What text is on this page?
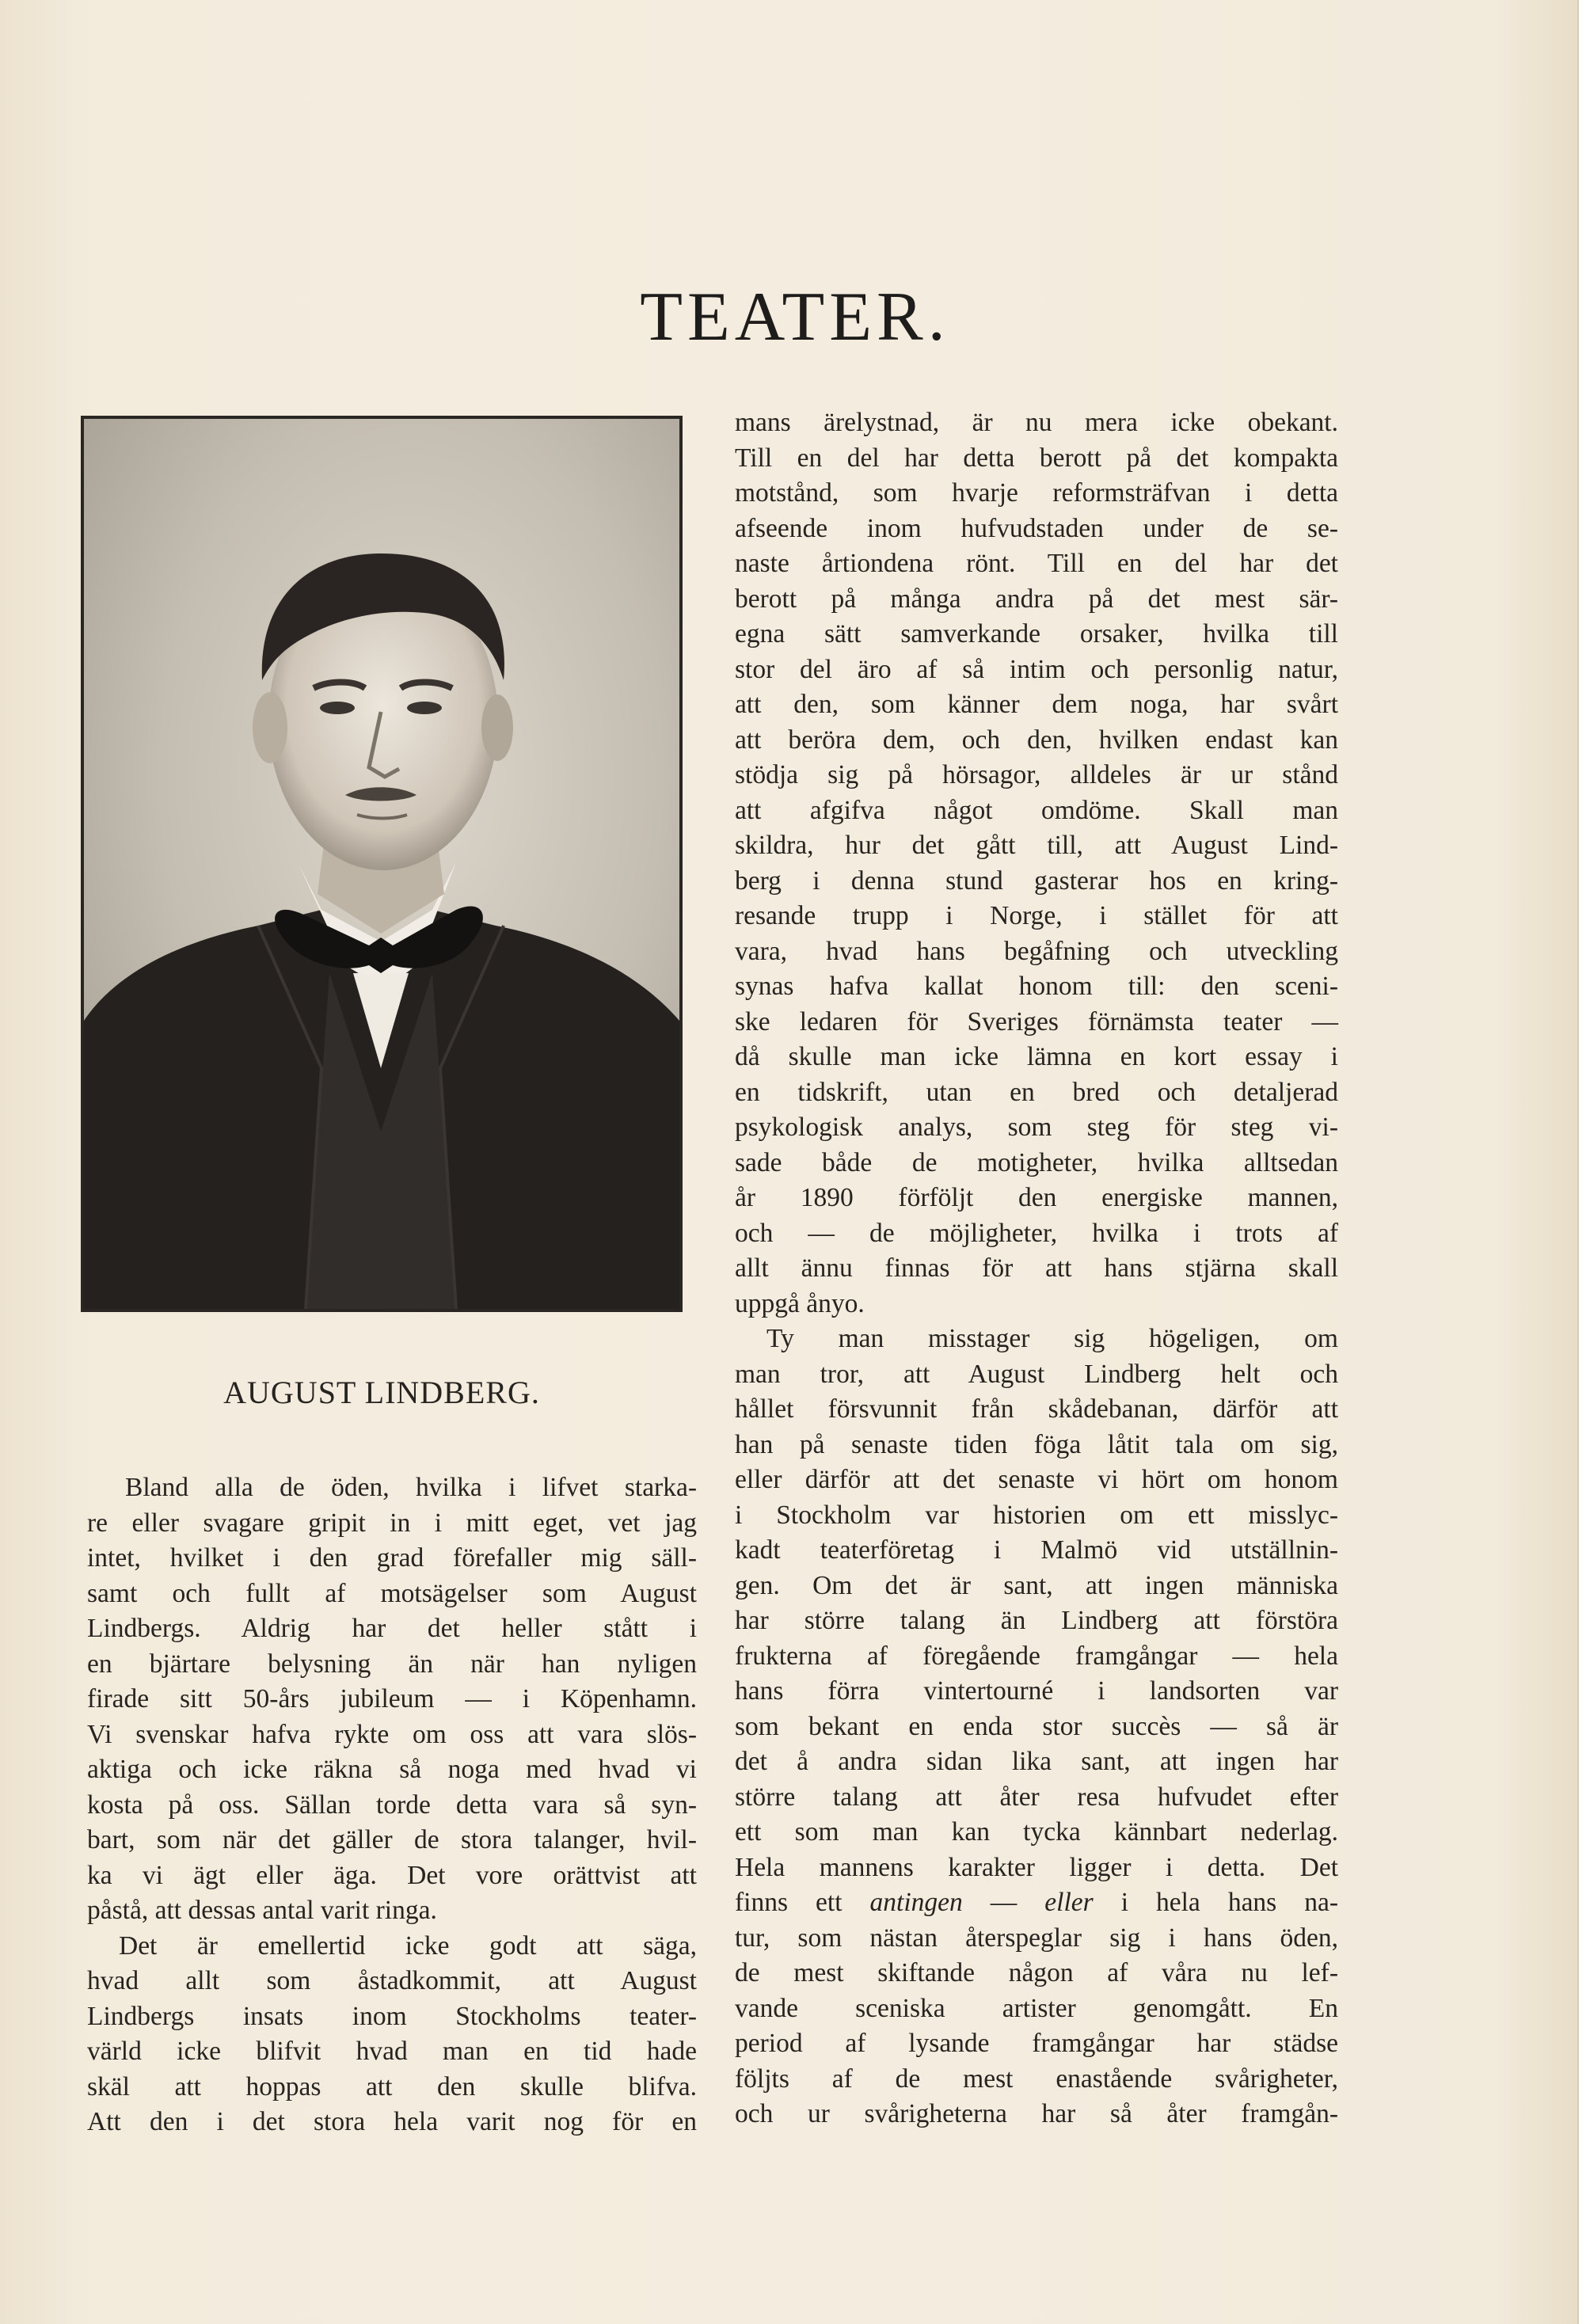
TEATER.
AUGUST LINDBERG.
Bland alla de öden, hvilka i lifvet starka-
re eller svagare gripit in i mitt eget, vet jag
intet, hvilket i den grad förefaller mig säll-
samt och fullt af motsägelser som August
Lindbergs. Aldrig har det heller stått i
en bjärtare belysning än när han nyligen
firade sitt 50-års jubileum — i Köpenhamn.
Vi svenskar hafva rykte om oss att vara slös-
aktiga och icke räkna så noga med hvad vi
kosta på oss. Sällan torde detta vara så syn-
bart, som när det gäller de stora talanger, hvil-
ka vi ägt eller äga. Det vore orättvist att
påstå, att dessas antal varit ringa.
Det är emellertid icke godt att säga,
hvad allt som åstadkommit, att August
Lindbergs insats inom Stockholms teater-
värld icke blifvit hvad man en tid hade
skäl att hoppas att den skulle blifva.
Att den i det stora hela varit nog för en
mans ärelystnad, är nu mera icke obekant.
Till en del har detta berott på det kompakta
motstånd, som hvarje reformsträfvan i detta
afseende inom hufvudstaden under de se-
naste årtiondena rönt. Till en del har det
berott på många andra på det mest sär-
egna sätt samverkande orsaker, hvilka till
stor del äro af så intim och personlig natur,
att den, som känner dem noga, har svårt
att beröra dem, och den, hvilken endast kan
stödja sig på hörsagor, alldeles är ur stånd
att afgifva något omdöme. Skall man
skildra, hur det gått till, att August Lind-
berg i denna stund gasterar hos en kring-
resande trupp i Norge, i stället för att
vara, hvad hans begåfning och utveckling
synas hafva kallat honom till: den sceni-
ske ledaren för Sveriges förnämsta teater —
då skulle man icke lämna en kort essay i
en tidskrift, utan en bred och detaljerad
psykologisk analys, som steg för steg vi-
sade både de motigheter, hvilka alltsedan
år 1890 förföljt den energiske mannen,
och — de möjligheter, hvilka i trots af
allt ännu finnas för att hans stjärna skall
uppgå ånyo.
Ty man misstager sig högeligen, om
man tror, att August Lindberg helt och
hållet försvunnit från skådebanan, därför att
han på senaste tiden föga låtit tala om sig,
eller därför att det senaste vi hört om honom
i Stockholm var historien om ett misslyc-
kadt teaterföretag i Malmö vid utställnin-
gen. Om det är sant, att ingen människa
har större talang än Lindberg att förstöra
frukterna af föregående framgångar — hela
hans förra vintertourné i landsorten var
som bekant en enda stor succès — så är
det å andra sidan lika sant, att ingen har
större talang att åter resa hufvudet efter
ett som man kan tycka kännbart nederlag.
Hela mannens karakter ligger i detta. Det
finns ett antingen — eller i hela hans na-
tur, som nästan återspeglar sig i hans öden,
de mest skiftande någon af våra nu lef-
vande sceniska artister genomgått. En
period af lysande framgångar har städse
följts af de mest enastående svårigheter,
och ur svårigheterna har så åter framgån-
